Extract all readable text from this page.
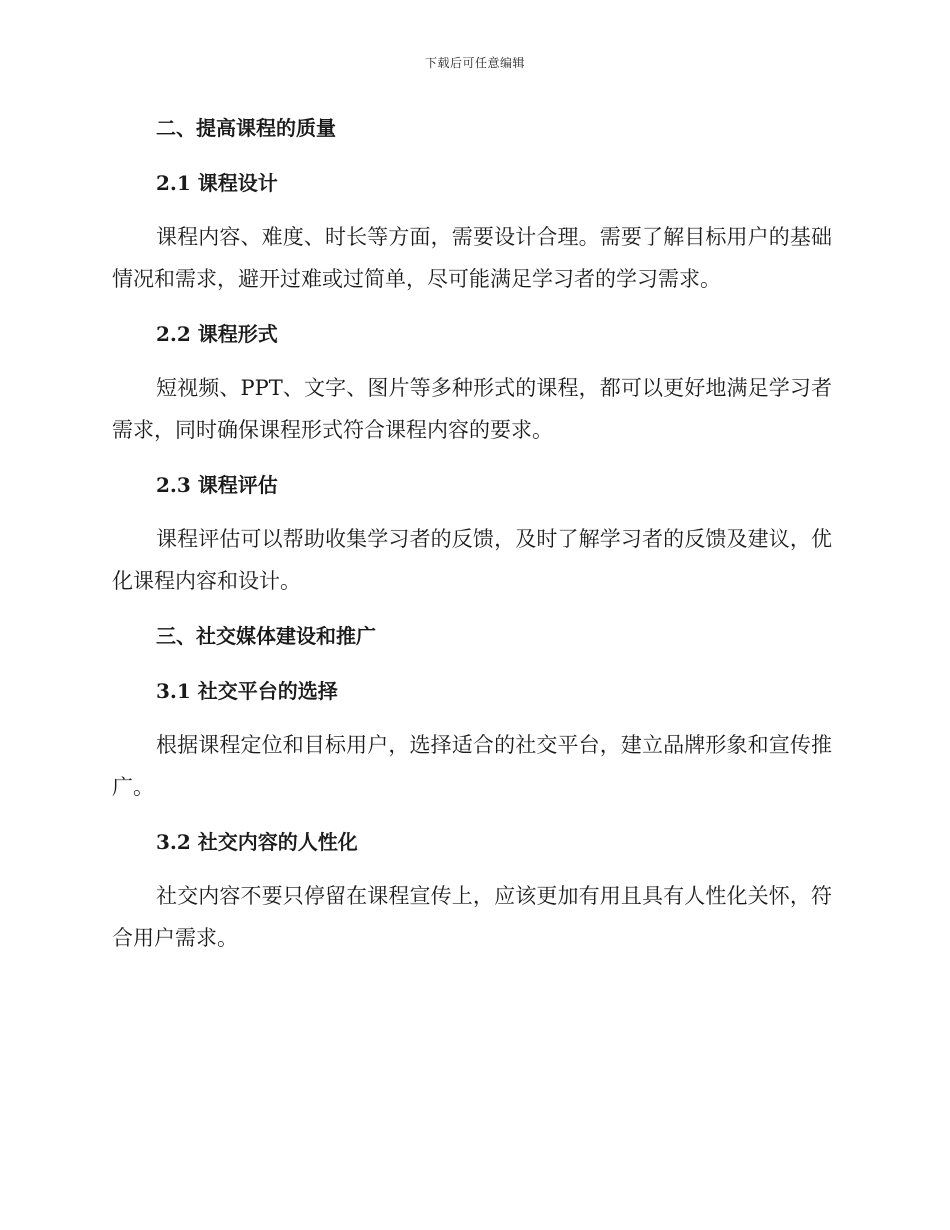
下载后可任意编辑
二、提高课程的质量
2.1 课程设计

课程内容、难度、时长等方面，需要设计合理。需要了解目标用户的基础情况和需求，避开过难或过简单，尽可能满足学习者的学习需求。

2.2 课程形式

短视频、PPT、文字、图片等多种形式的课程，都可以更好地满足学习者需求，同时确保课程形式符合课程内容的要求。

2.3 课程评估

课程评估可以帮助收集学习者的反馈，及时了解学习者的反馈及建议，优化课程内容和设计。

三、社交媒体建设和推广
3.1 社交平台的选择

根据课程定位和目标用户，选择适合的社交平台，建立品牌形象和宣传推广。

3.2 社交内容的人性化

社交内容不要只停留在课程宣传上，应该更加有用且具有人性化关怀，符合用户需求。
